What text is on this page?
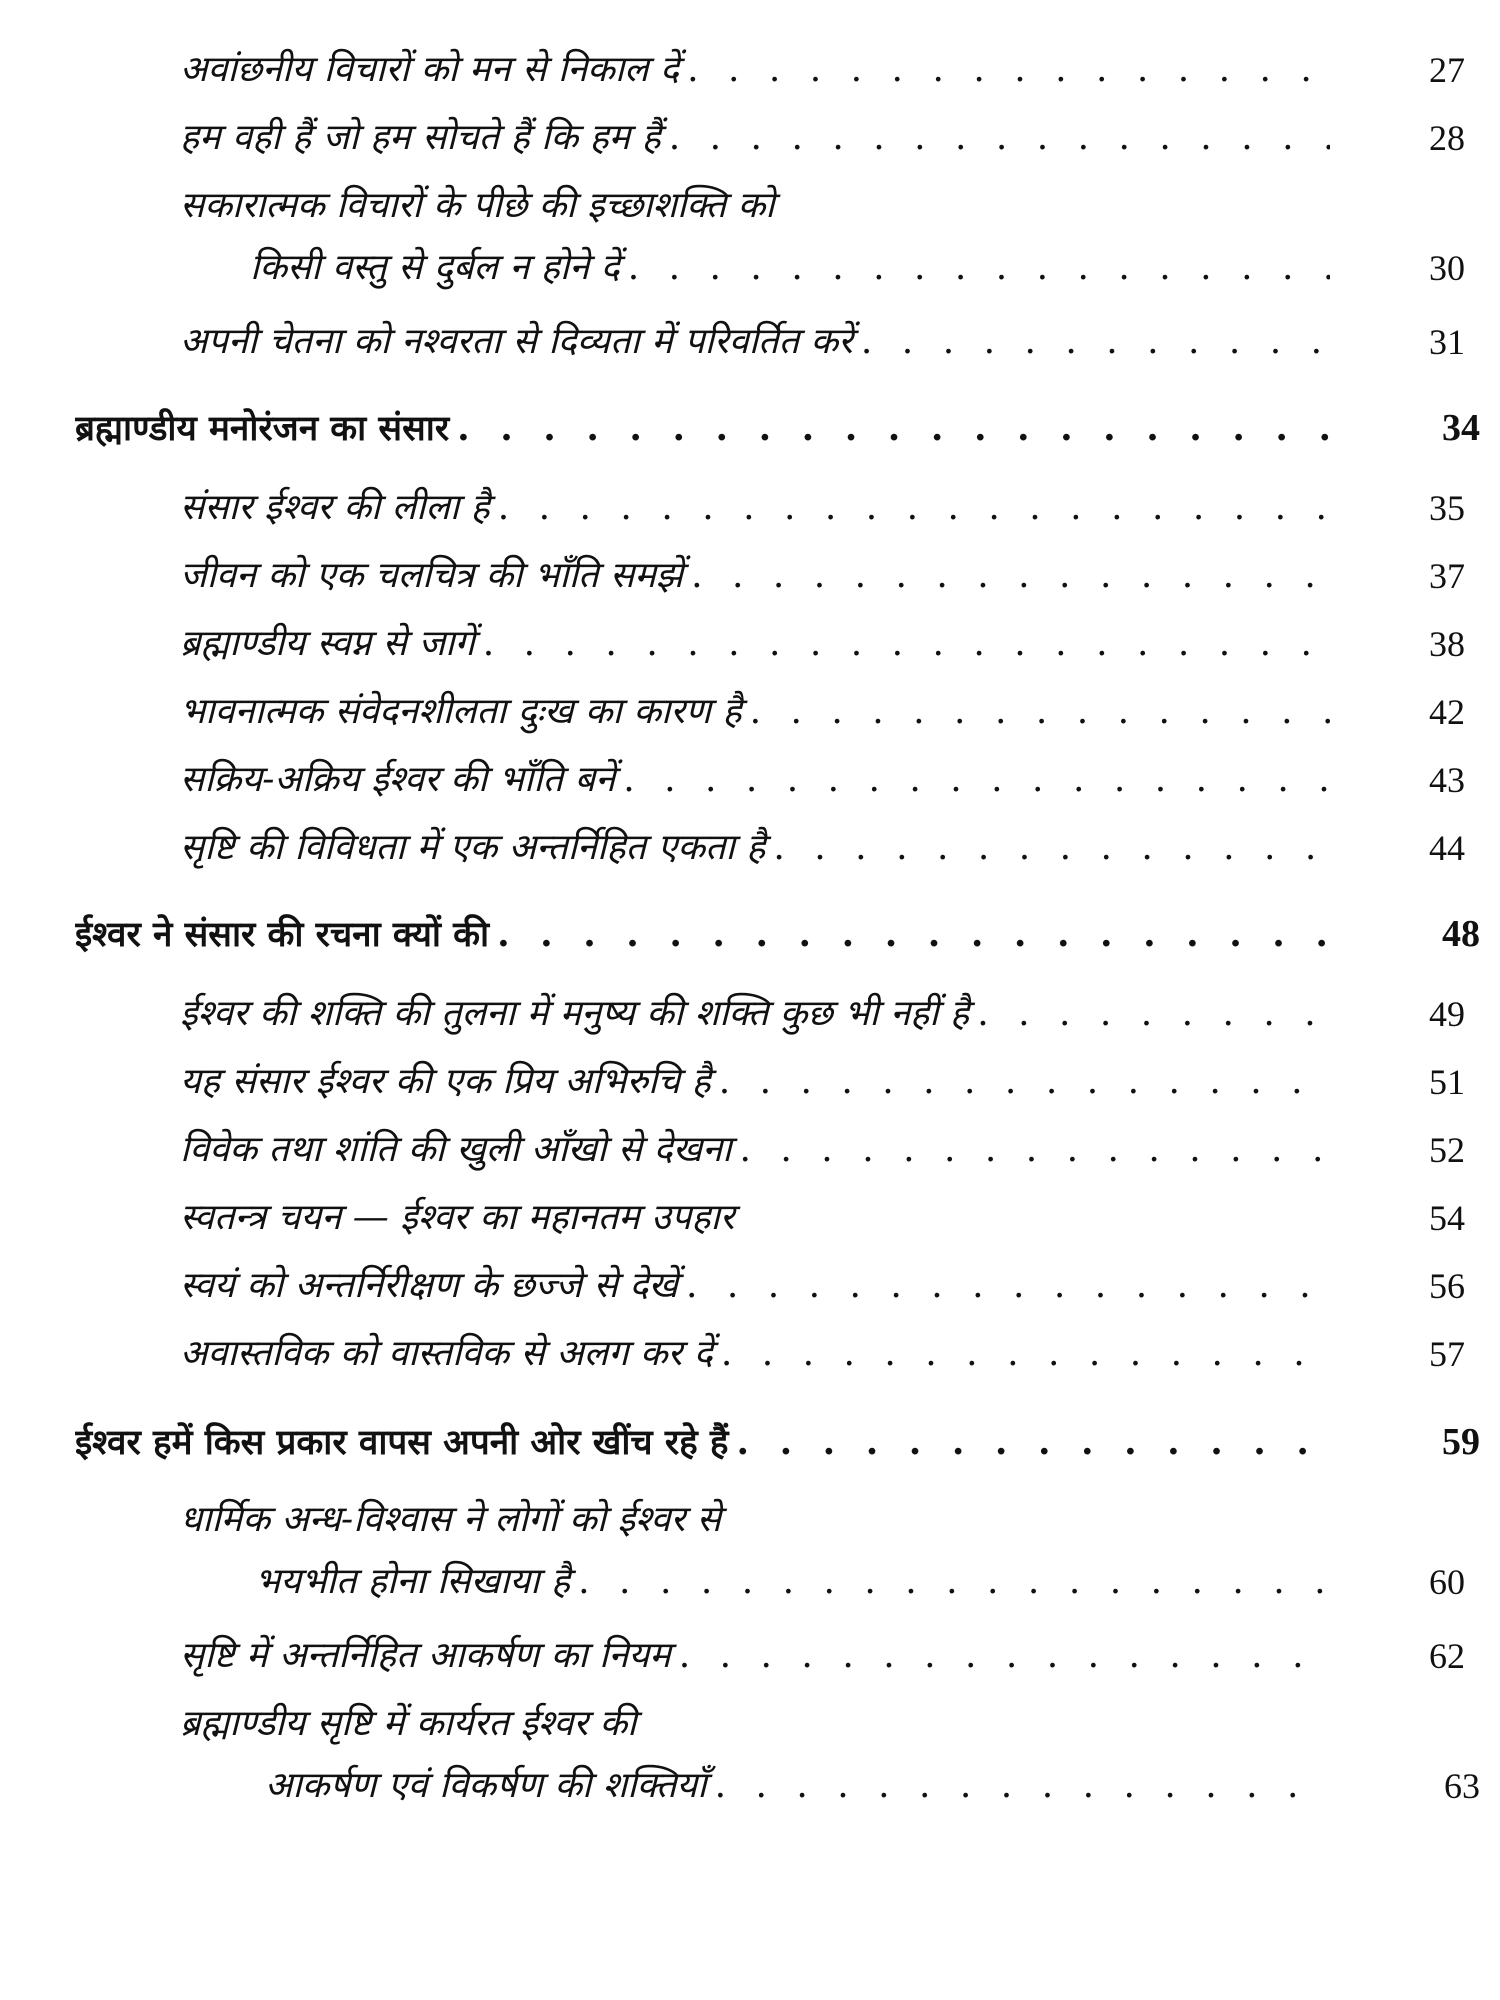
अवांछनीय विचारों को मन से निकाल दें . . .	27
हम वही हैं जो हम सोचते हैं कि हम हैं . . .	28
सकारात्मक विचारों के पीछे की इच्छाशक्ति को
किसी वस्तु से दुर्बल न होने दें . . .	30
अपनी चेतना को नश्वरता से दिव्यता में परिवर्तित करें . . .	31
ब्रह्माण्डीय मनोरंजन का संसार . . .	34
संसार ईश्वर की लीला है . . .	35
जीवन को एक चलचित्र की भाँति समझें . . .	37
ब्रह्माण्डीय स्वप्न से जागें . . .	38
भावनात्मक संवेदनशीलता दुःख का कारण है . . .	42
सक्रिय-अक्रिय ईश्वर की भाँति बनें . . .	43
सृष्टि की विविधता में एक अन्तर्निहित एकता है . . .	44
ईश्वर ने संसार की रचना क्यों की . . .	48
ईश्वर की शक्ति की तुलना में मनुष्य की शक्ति कुछ भी नहीं है . . .	49
यह संसार ईश्वर की एक प्रिय अभिरुचि है . . .	51
विवेक तथा शांति की खुली आँखो से देखना . . .	52
स्वतन्त्र चयन — ईश्वर का महानतम उपहार	54
स्वयं को अन्तर्निरीक्षण के छज्जे से देखें . . .	56
अवास्तविक को वास्तविक से अलग कर दें . . .	57
ईश्वर हमें किस प्रकार वापस अपनी ओर खींच रहे हैं . . .	59
धार्मिक अन्ध-विश्वास ने लोगों को ईश्वर से
भयभीत होना सिखाया है . . .	60
सृष्टि में अन्तर्निहित आकर्षण का नियम . . .	62
ब्रह्माण्डीय सृष्टि में कार्यरत ईश्वर की
आकर्षण एवं विकर्षण की शक्तियाँ . . .	63
